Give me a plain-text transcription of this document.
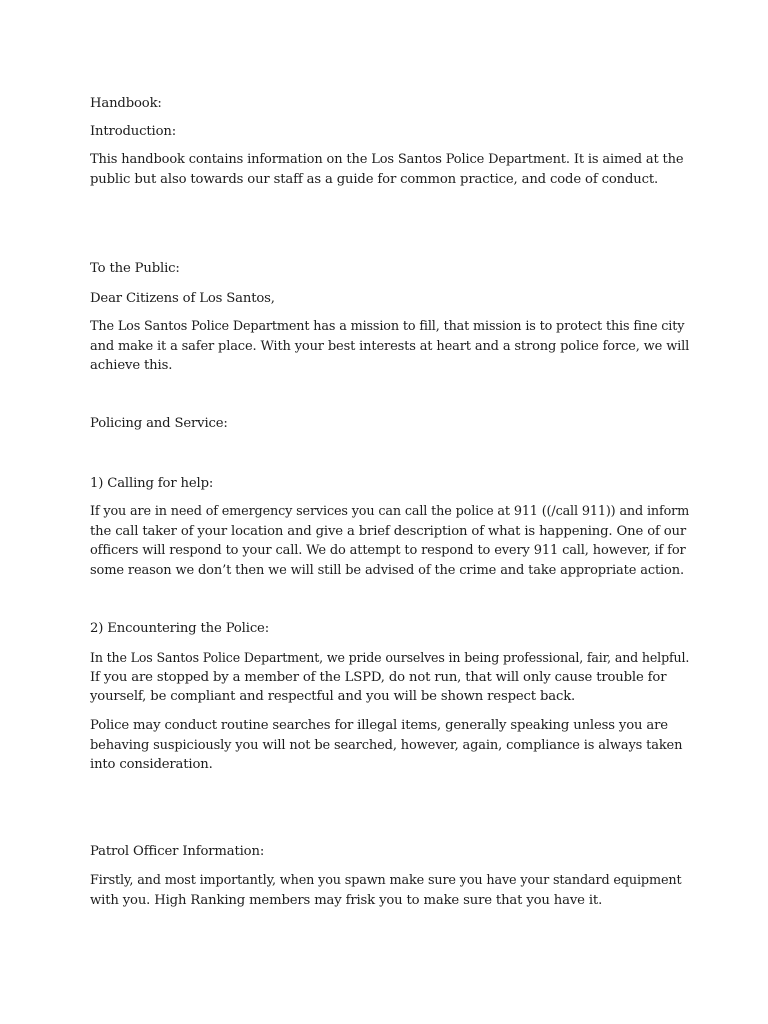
Handbook:

Introduction:

This handbook contains information on the Los Santos Police Department. It is aimed at the
public but also towards our staff as a guide for common practice, and code of conduct.

To the Public:

Dear Citizens of Los Santos,

The Los Santos Police Department has a mission to fill, that mission is to protect this fine city
and make it a safer place. With your best interests at heart and a strong police force, we will
achieve this.

Policing and Service:

1) Calling for help:

If you are in need of emergency services you can call the police at 911 ((/call 911)) and inform
the call taker of your location and give a brief description of what is happening. One of our
officers will respond to your call. We do attempt to respond to every 911 call, however, if for
some reason we don’t then we will still be advised of the crime and take appropriate action.

2) Encountering the Police:

In the Los Santos Police Department, we pride ourselves in being professional, fair, and helpful.
If you are stopped by a member of the LSPD, do not run, that will only cause trouble for
yourself, be compliant and respectful and you will be shown respect back.
Police may conduct routine searches for illegal items, generally speaking unless you are
behaving suspiciously you will not be searched, however, again, compliance is always taken
into consideration.

Patrol Officer Information:

Firstly, and most importantly, when you spawn make sure you have your standard equipment
with you. High Ranking members may frisk you to make sure that you have it.
